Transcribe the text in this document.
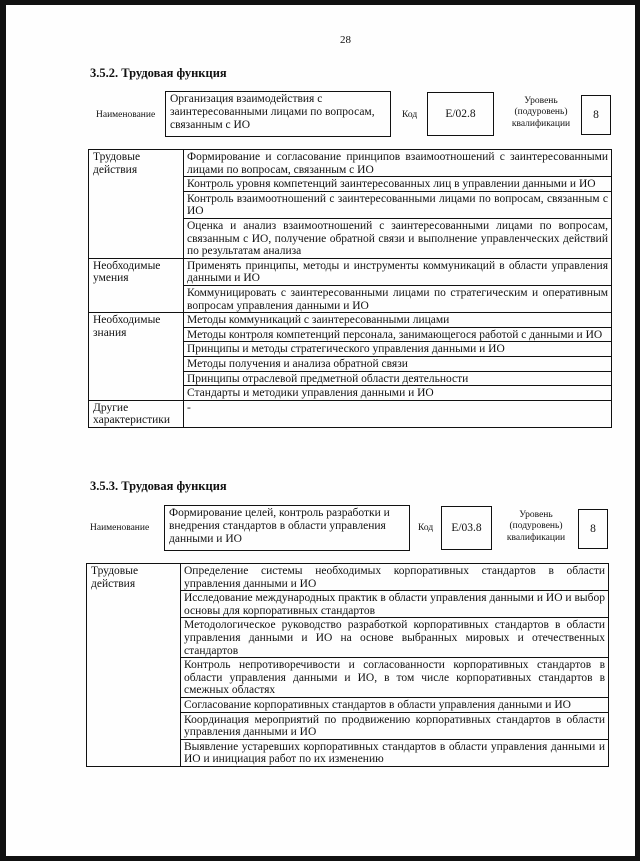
28
3.5.2. Трудовая функция
Наименование
Организация взаимодействия с заинтересованными лицами по вопросам, связанным с ИО
Код	E/02.8
Уровень
(подуровень)
квалификации
8
Трудовые действия	Формирование и согласование принципов взаимоотношений с заинтересованными лицами по вопросам, связанным с ИО
	Контроль уровня компетенций заинтересованных лиц в управлении данными и ИО
	Контроль взаимоотношений с заинтересованными лицами по вопросам, связанным с ИО
	Оценка и анализ взаимоотношений с заинтересованными лицами по вопросам, связанным с ИО, получение обратной связи и выполнение управленческих действий по результатам анализа
Необходимые умения	Применять принципы, методы и инструменты коммуникаций в области управления данными и ИО
	Коммуницировать с заинтересованными лицами по стратегическим и оперативным вопросам управления данными и ИО
Необходимые знания	Методы коммуникаций с заинтересованными лицами
	Методы контроля компетенций персонала, занимающегося работой с данными и ИО
	Принципы и методы стратегического управления данными и ИО
	Методы получения и анализа обратной связи
	Принципы отраслевой предметной области деятельности
	Стандарты и методики управления данными и ИО
Другие характеристики	-
3.5.3. Трудовая функция
Наименование
Формирование целей, контроль разработки и внедрения стандартов в области управления данными и ИО
Код	E/03.8
Уровень
(подуровень)
квалификации
8
Трудовые действия	Определение системы необходимых корпоративных стандартов в области управления данными и ИО
Исследование международных практик в области управления данными и ИО и выбор основы для корпоративных стандартов
Методологическое руководство разработкой корпоративных стандартов в области управления данными и ИО на основе выбранных мировых и отечественных стандартов
Контроль непротиворечивости и согласованности корпоративных стандартов в области управления данными и ИО, в том числе корпоративных стандартов в смежных областях
Согласование корпоративных стандартов в области управления данными и ИО
Координация мероприятий по продвижению корпоративных стандартов в области управления данными и ИО
Выявление устаревших корпоративных стандартов в области управления данными и ИО и инициация работ по их изменению
